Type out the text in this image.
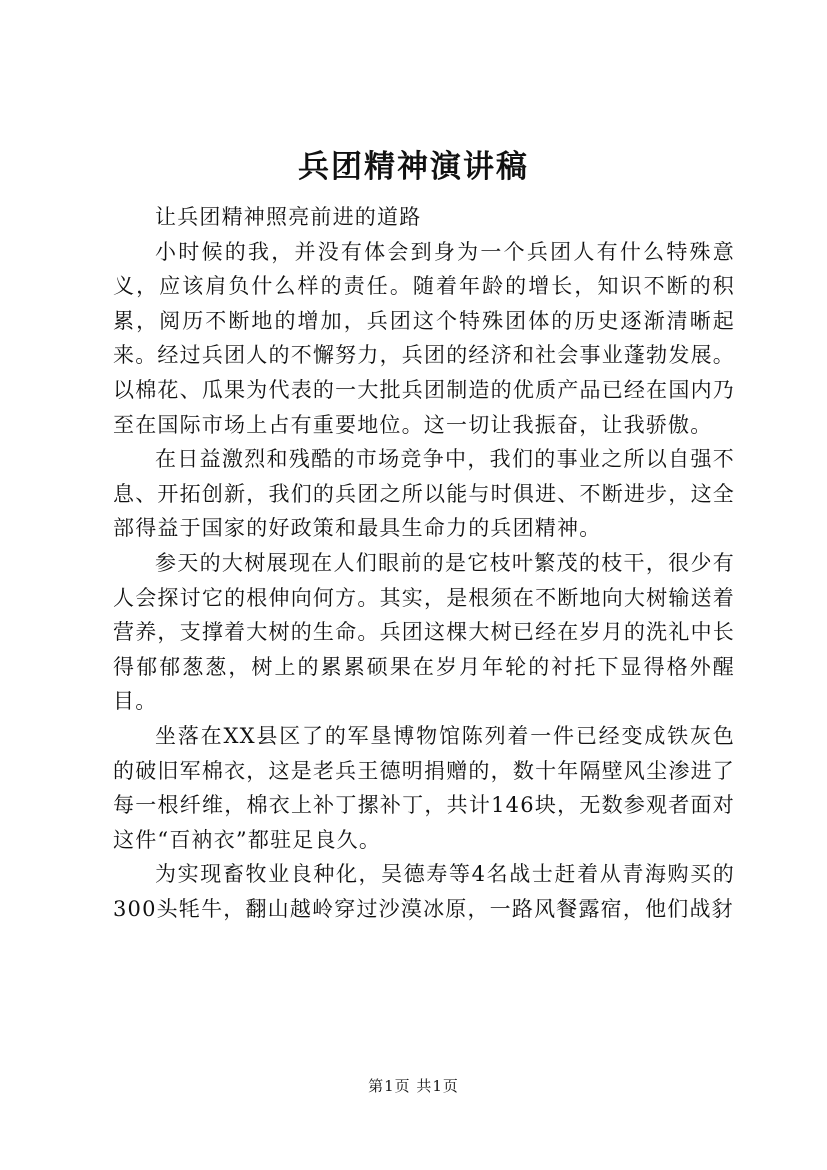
兵团精神演讲稿

让兵团精神照亮前进的道路

小时候的我，并没有体会到身为一个兵团人有什么特殊意义，应该肩负什么样的责任。随着年龄的增长，知识不断的积累，阅历不断地的增加，兵团这个特殊团体的历史逐渐清晰起来。经过兵团人的不懈努力，兵团的经济和社会事业蓬勃发展。以棉花、瓜果为代表的一大批兵团制造的优质产品已经在国内乃至在国际市场上占有重要地位。这一切让我振奋，让我骄傲。

在日益激烈和残酷的市场竞争中，我们的事业之所以自强不息、开拓创新，我们的兵团之所以能与时俱进、不断进步，这全部得益于国家的好政策和最具生命力的兵团精神。

参天的大树展现在人们眼前的是它枝叶繁茂的枝干，很少有人会探讨它的根伸向何方。其实，是根须在不断地向大树输送着营养，支撑着大树的生命。兵团这棵大树已经在岁月的洗礼中长得郁郁葱葱，树上的累累硕果在岁月年轮的衬托下显得格外醒目。

坐落在XX县区了的军垦博物馆陈列着一件已经变成铁灰色的破旧军棉衣，这是老兵王德明捐赠的，数十年隔壁风尘渗进了每一根纤维，棉衣上补丁摞补丁，共计146块，无数参观者面对这件“百衲衣”都驻足良久。

为实现畜牧业良种化，吴德寿等4名战士赶着从青海购买的300头牦牛，翻山越岭穿过沙漠冰原，一路风餐露宿，他们战豺

第1页 共1页
